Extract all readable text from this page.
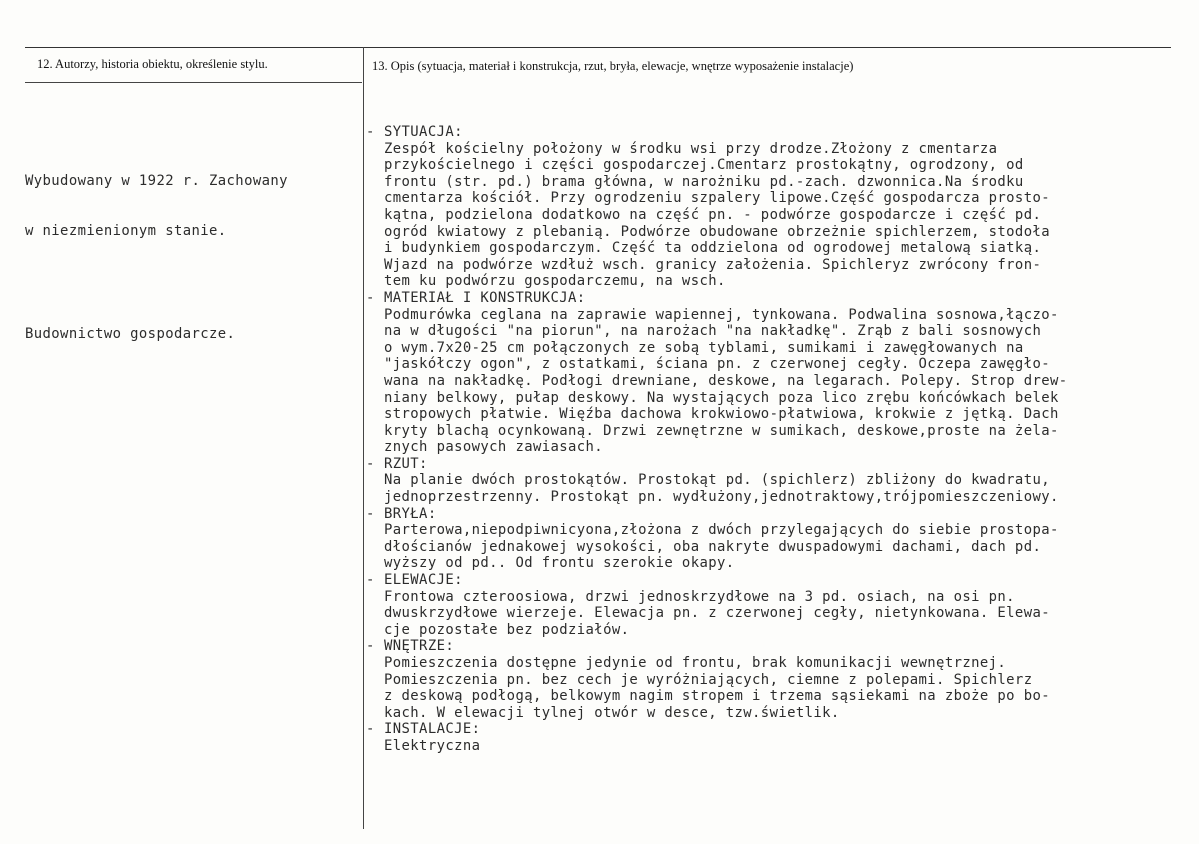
12. Autorzy, historia obiektu, określenie stylu.	13. Opis (sytuacja, materiał i konstrukcja, rzut, bryła, elewacje, wnętrze wyposażenie instalacje)

Wybudowany w 1922 r. Zachowany

w niezmienionym stanie.

Budownictwo gospodarcze.

- SYTUACJA:
Zespół kościelny położony w środku wsi przy drodze.Złożony z cmentarza
przykościelnego i części gospodarczej.Cmentarz prostokątny, ogrodzony, od
frontu (str. pd.) brama główna, w narożniku pd.-zach. dzwonnica.Na środku
cmentarza kościół. Przy ogrodzeniu szpalery lipowe.Część gospodarcza prosto-
kątna, podzielona dodatkowo na część pn. - podwórze gospodarcze i część pd.
ogród kwiatowy z plebanią. Podwórze obudowane obrzeżnie spichlerzem, stodoła
i budynkiem gospodarczym. Część ta oddzielona od ogrodowej metalową siatką.
Wjazd na podwórze wzdłuż wsch. granicy założenia. Spichleryz zwrócony fron-
tem ku podwórzu gospodarczemu, na wsch.
- MATERIAŁ I KONSTRUKCJA:
Podmurówka ceglana na zaprawie wapiennej, tynkowana. Podwalina sosnowa,łączo-
na w długości "na piorun", na narożach "na nakładkę". Zrąb z bali sosnowych
o wym.7x20-25 cm połączonych ze sobą tyblami, sumikami i zawęgłowanych na
"jaskółczy ogon", z ostatkami, ściana pn. z czerwonej cegły. Oczepa zawęgło-
wana na nakładkę. Podłogi drewniane, deskowe, na legarach. Polepy. Strop drew-
niany belkowy, pułap deskowy. Na wystających poza lico zrębu końcówkach belek
stropowych płatwie. Więźba dachowa krokwiowo-płatwiowa, krokwie z jętką. Dach
kryty blachą ocynkowaną. Drzwi zewnętrzne w sumikach, deskowe,proste na żela-
znych pasowych zawiasach.
- RZUT:
Na planie dwóch prostokątów. Prostokąt pd. (spichlerz) zbliżony do kwadratu,
jednoprzestrzenny. Prostokąt pn. wydłużony,jednotraktowy,trójpomieszczeniowy.
- BRYŁA:
Parterowa,niepodpiwnicyona,złożona z dwóch przylegających do siebie prostopa-
dłościanów jednakowej wysokości, oba nakryte dwuspadowymi dachami, dach pd.
wyższy od pd.. Od frontu szerokie okapy.
- ELEWACJE:
Frontowa czteroosiowa, drzwi jednoskrzydłowe na 3 pd. osiach, na osi pn.
dwuskrzydłowe wierzeje. Elewacja pn. z czerwonej cegły, nietynkowana. Elewa-
cje pozostałe bez podziałów.
- WNĘTRZE:
Pomieszczenia dostępne jedynie od frontu, brak komunikacji wewnętrznej.
Pomieszczenia pn. bez cech je wyróżniających, ciemne z polepami. Spichlerz
z deskową podłogą, belkowym nagim stropem i trzema sąsiekami na zboże po bo-
kach. W elewacji tylnej otwór w desce, tzw.świetlik.
- INSTALACJE:
Elektryczna
